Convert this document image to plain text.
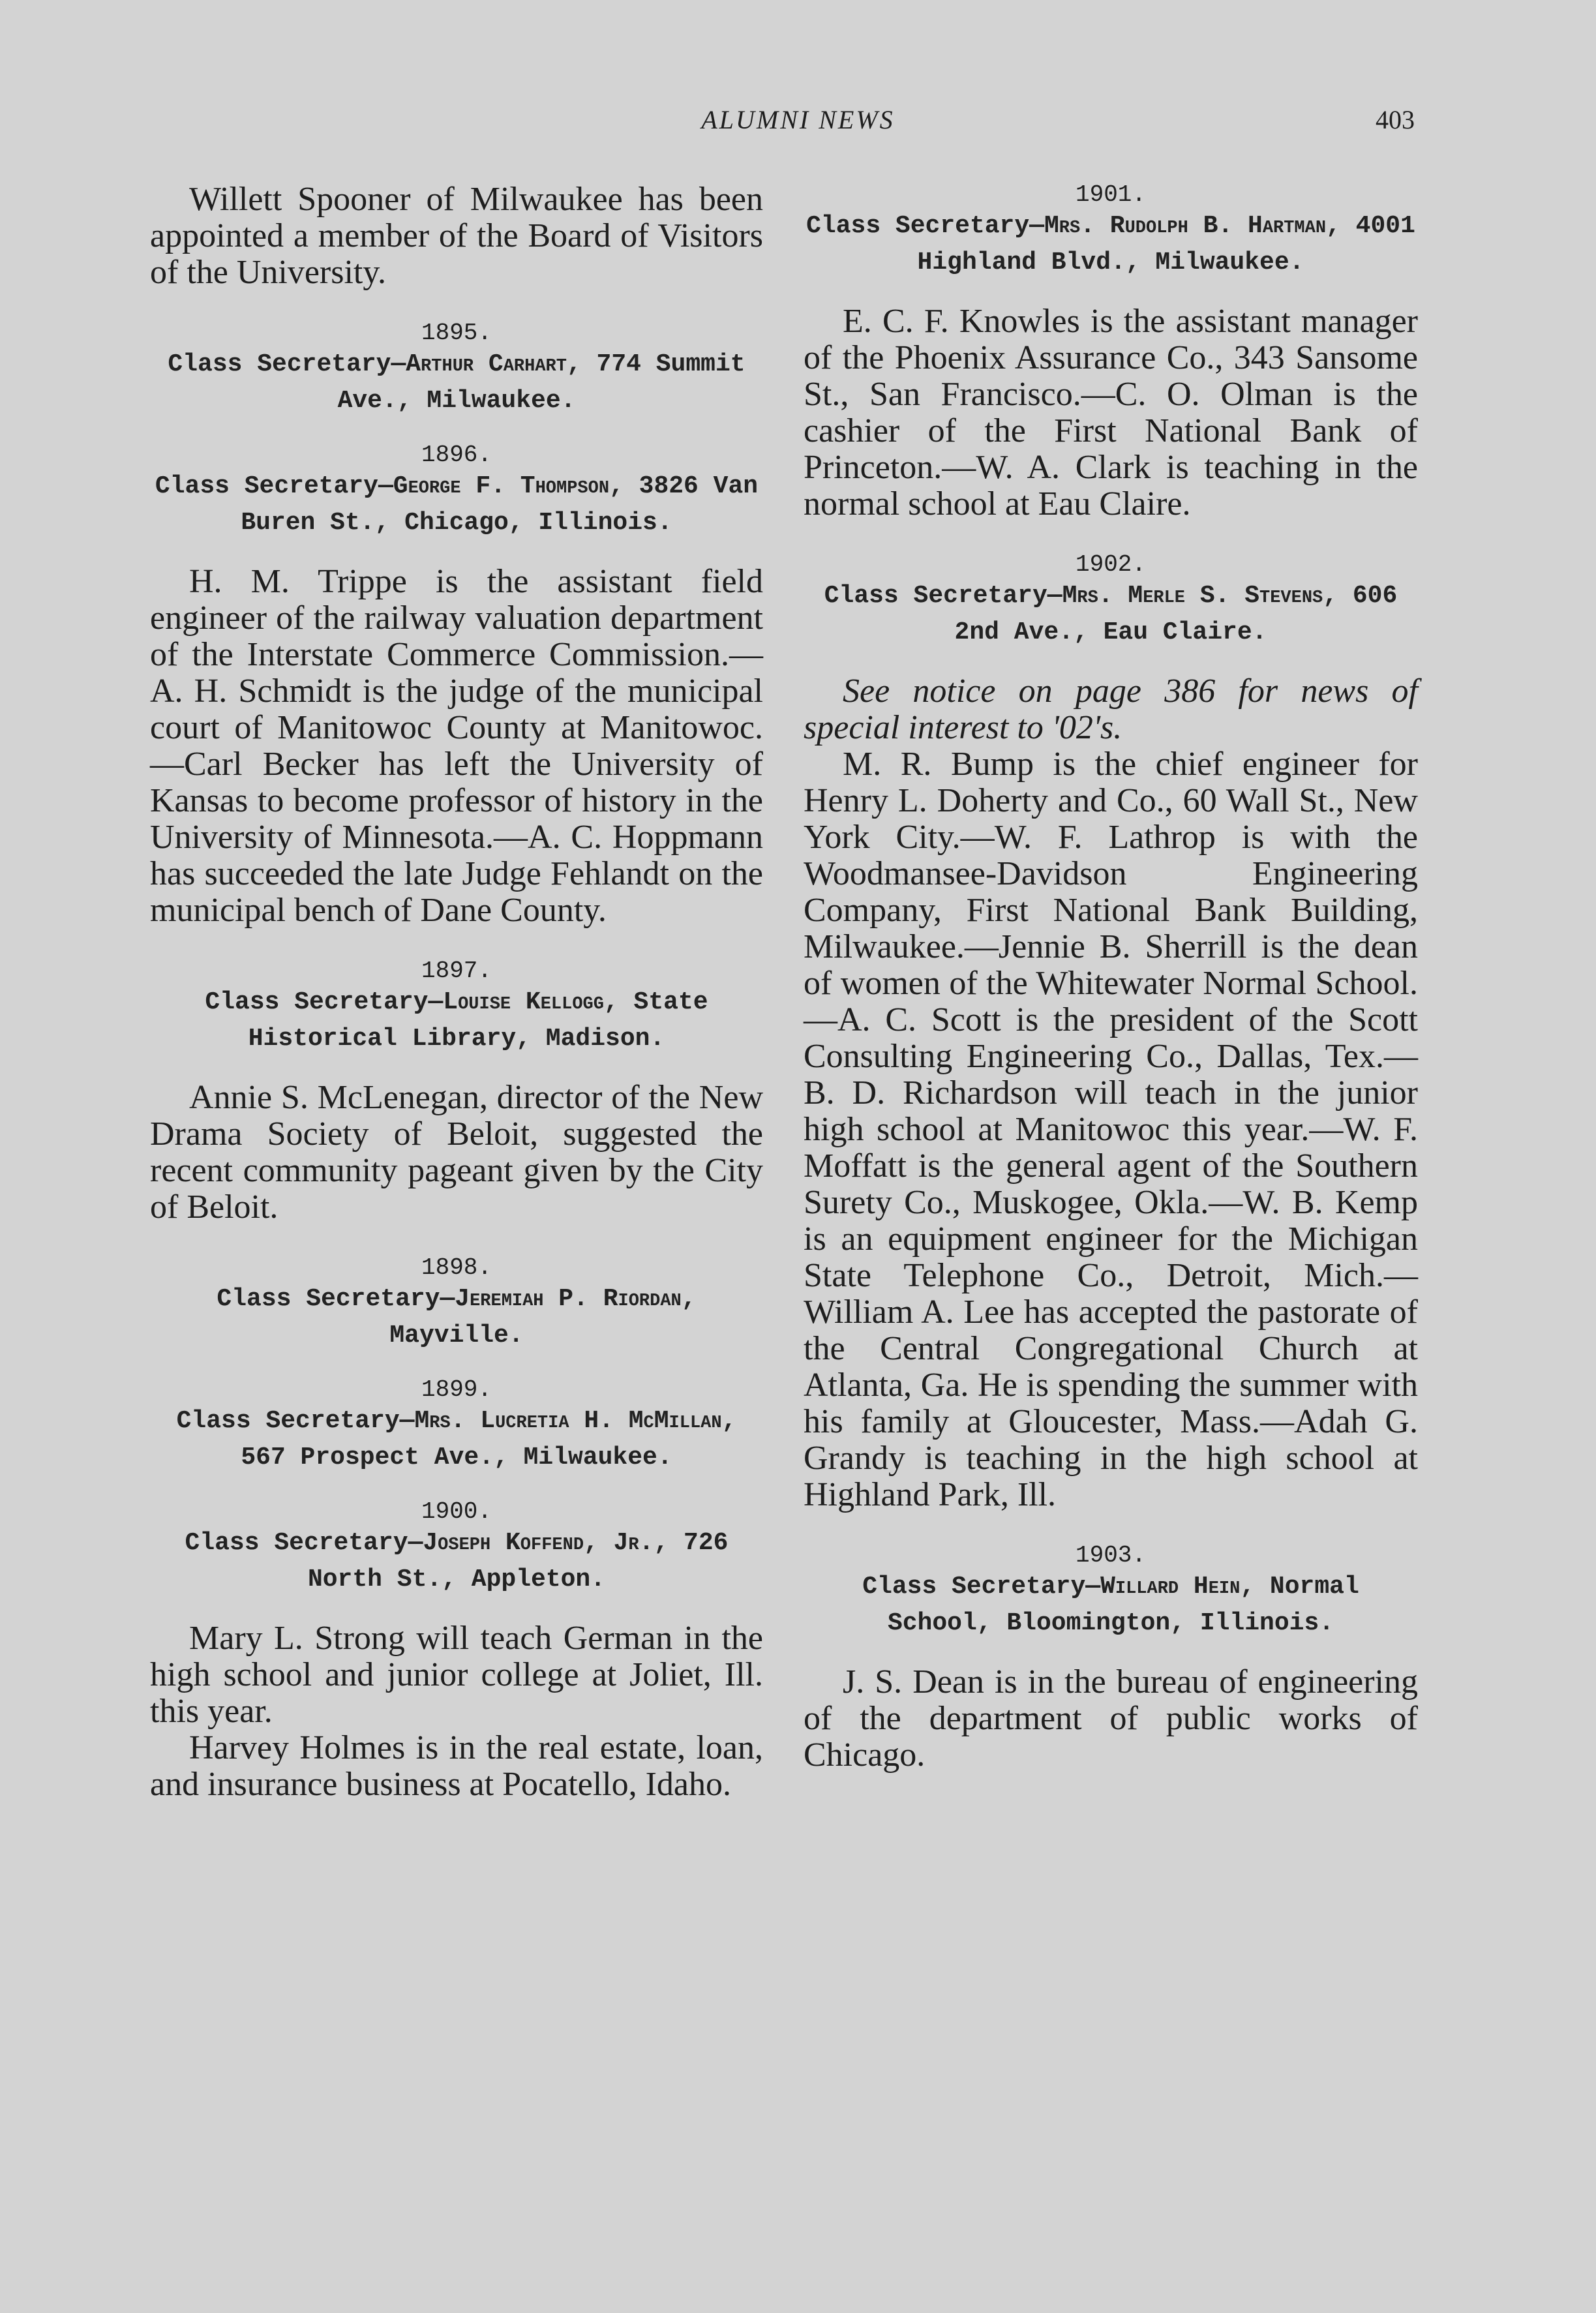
ALUMNI NEWS	403

Willett Spooner of Milwaukee has been appointed a member of the Board of Visitors of the University.

1895.

Class Secretary—Arthur Carhart, 774 Summit Ave., Milwaukee.

1896.

Class Secretary—George F. Thompson, 3826 Van Buren St., Chicago, Illinois.

H. M. Trippe is the assistant field engineer of the railway valuation department of the Interstate Commerce Commission.—A. H. Schmidt is the judge of the municipal court of Manitowoc County at Manitowoc.—Carl Becker has left the University of Kansas to become professor of history in the University of Minnesota.—A. C. Hoppmann has succeeded the late Judge Fehlandt on the municipal bench of Dane County.

1897.

Class Secretary—Louise Kellogg, State Historical Library, Madison.

Annie S. McLenegan, director of the New Drama Society of Beloit, suggested the recent community pageant given by the City of Beloit.

1898.

Class Secretary—Jeremiah P. Riordan, Mayville.

1899.

Class Secretary—Mrs. Lucretia H. McMillan, 567 Prospect Ave., Milwaukee.

1900.

Class Secretary—Joseph Koffend, Jr., 726 North St., Appleton.

Mary L. Strong will teach German in the high school and junior college at Joliet, Ill. this year.

Harvey Holmes is in the real estate, loan, and insurance business at Pocatello, Idaho.

1901.

Class Secretary—Mrs. Rudolph B. Hartman, 4001 Highland Blvd., Milwaukee.

E. C. F. Knowles is the assistant manager of the Phoenix Assurance Co., 343 Sansome St., San Francisco.—C. O. Olman is the cashier of the First National Bank of Princeton.—W. A. Clark is teaching in the normal school at Eau Claire.

1902.

Class Secretary—Mrs. Merle S. Stevens, 606 2nd Ave., Eau Claire.

See notice on page 386 for news of special interest to '02's.

M. R. Bump is the chief engineer for Henry L. Doherty and Co., 60 Wall St., New York City.—W. F. Lathrop is with the Woodmansee-Davidson Engineering Company, First National Bank Building, Milwaukee.—Jennie B. Sherrill is the dean of women of the Whitewater Normal School.—A. C. Scott is the president of the Scott Consulting Engineering Co., Dallas, Tex.—B. D. Richardson will teach in the junior high school at Manitowoc this year.—W. F. Moffatt is the general agent of the Southern Surety Co., Muskogee, Okla.—W. B. Kemp is an equipment engineer for the Michigan State Telephone Co., Detroit, Mich.—William A. Lee has accepted the pastorate of the Central Congregational Church at Atlanta, Ga. He is spending the summer with his family at Gloucester, Mass.—Adah G. Grandy is teaching in the high school at Highland Park, Ill.

1903.

Class Secretary—Willard Hein, Normal School, Bloomington, Illinois.

J. S. Dean is in the bureau of engineering of the department of public works of Chicago.
